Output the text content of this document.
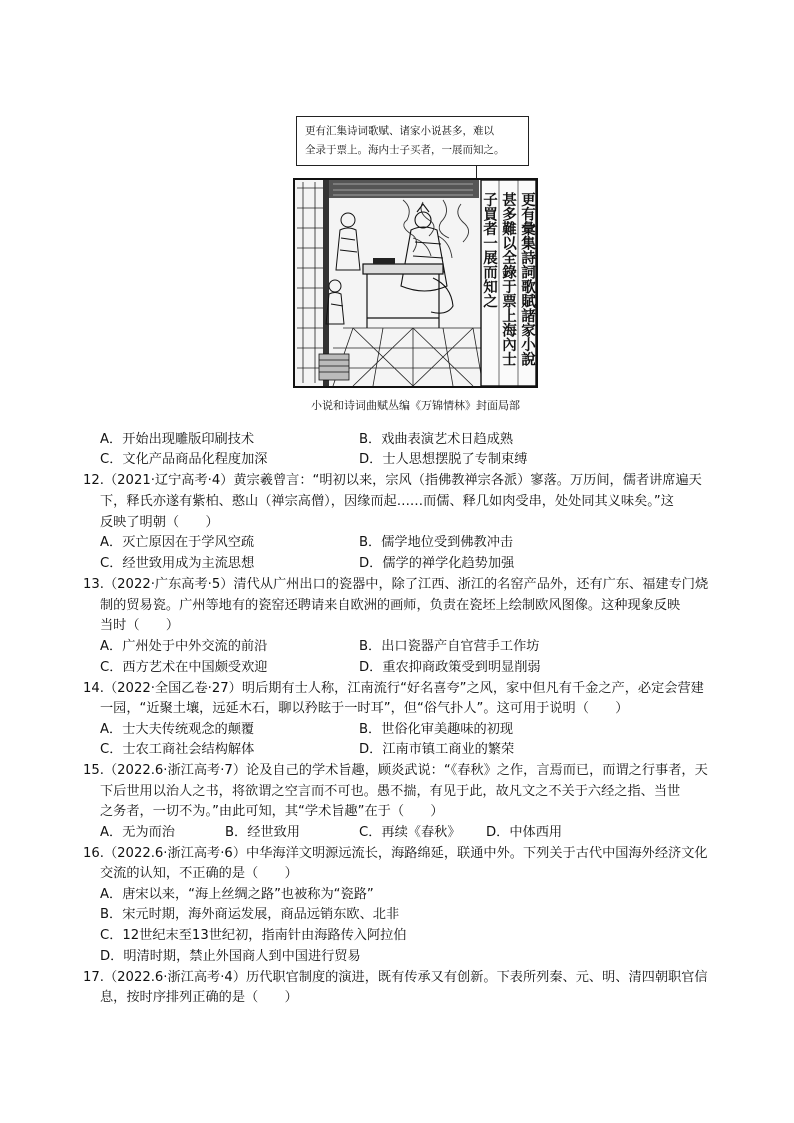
更有汇集诗词歌赋、诸家小说甚多，难以
全录于票上。海内士子买者，一展而知之。
更有彙集詩詞歌賦諸家小說
甚多難以全錄于票上海內士
子買者一展而知之
小说和诗词曲赋丛编《万锦情林》封面局部
A．开始出现雕版印刷技术	B．戏曲表演艺术日趋成熟
C．文化产品商品化程度加深	D．士人思想摆脱了专制束缚
12.（2021·辽宁高考·4）黄宗羲曾言：“明初以来，宗风（指佛教禅宗各派）寥落。万历间，儒者讲席遍天
下，释氏亦遂有紫柏、憨山（禅宗高僧），因缘而起……而儒、释几如肉受串，处处同其义味矣。”这
反映了明朝（　　）
A．灭亡原因在于学风空疏	B．儒学地位受到佛教冲击
C．经世致用成为主流思想	D．儒学的禅学化趋势加强
13.（2022·广东高考·5）清代从广州出口的瓷器中，除了江西、浙江的名窑产品外，还有广东、福建专门烧
制的贸易瓷。广州等地有的瓷窑还聘请来自欧洲的画师，负责在瓷坯上绘制欧风图像。这种现象反映
当时（　　）
A．广州处于中外交流的前沿	B．出口瓷器产自官营手工作坊
C．西方艺术在中国颇受欢迎	D．重农抑商政策受到明显削弱
14.（2022·全国乙卷·27）明后期有士人称，江南流行“好名喜夸”之风，家中但凡有千金之产，必定会营建
一园，“近聚土壤，远延木石，聊以矜眩于一时耳”，但“俗气扑人”。这可用于说明（　　）
A．士大夫传统观念的颠覆	B．世俗化审美趣味的初现
C．士农工商社会结构解体	D．江南市镇工商业的繁荣
15.（2022.6·浙江高考·7）论及自己的学术旨趣，顾炎武说：“《春秋》之作，言焉而已，而谓之行事者，天
下后世用以治人之书，将欲谓之空言而不可也。愚不揣，有见于此，故凡文之不关于六经之指、当世
之务者，一切不为。”由此可知，其“学术旨趣”在于（　　）
A．无为而治	B．经世致用	C．再续《春秋》 D．中体西用
16.（2022.6·浙江高考·6）中华海洋文明源远流长，海路绵延，联通中外。下列关于古代中国海外经济文化
交流的认知，不正确的是（　　）
A．唐宋以来，“海上丝绸之路”也被称为“瓷路”
B．宋元时期，海外商运发展，商品远销东欧、北非
C．12世纪末至13世纪初，指南针由海路传入阿拉伯
D．明清时期，禁止外国商人到中国进行贸易
17.（2022.6·浙江高考·4）历代职官制度的演进，既有传承又有创新。下表所列秦、元、明、清四朝职官信
息，按时序排列正确的是（　　）
